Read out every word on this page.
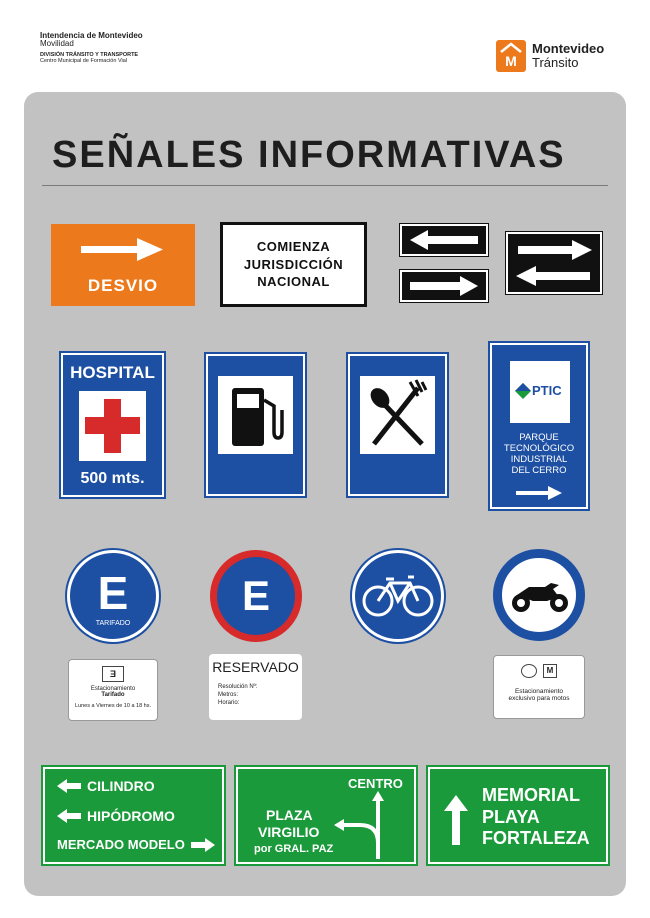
Intendencia de Montevideo
Movilidad
DIVISIÓN TRÁNSITO Y TRANSPORTE
Centro Municipal de Formación Vial	M
Montevideo
Tránsito
SEÑALES INFORMATIVAS
DESVIO
COMIENZA
JURISDICCIÓN
NACIONAL
HOSPITAL
500 mts.
PTIC
PARQUE
TECNOLÓGICO
INDUSTRIAL
DEL CERRO
E
TARIFADO
E
Ǝ
Estacionamiento
Tarifado
Lunes a Viernes de 10 a 18 hs.
RESERVADO
Resolución Nº:
Metros:
Horario:
M
Estacionamiento
exclusivo para motos
CILINDRO
HIPÓDROMO
MERCADO MODELO
CENTRO
PLAZA
VIRGILIO
por GRAL. PAZ
MEMORIAL
PLAYA
FORTALEZA
